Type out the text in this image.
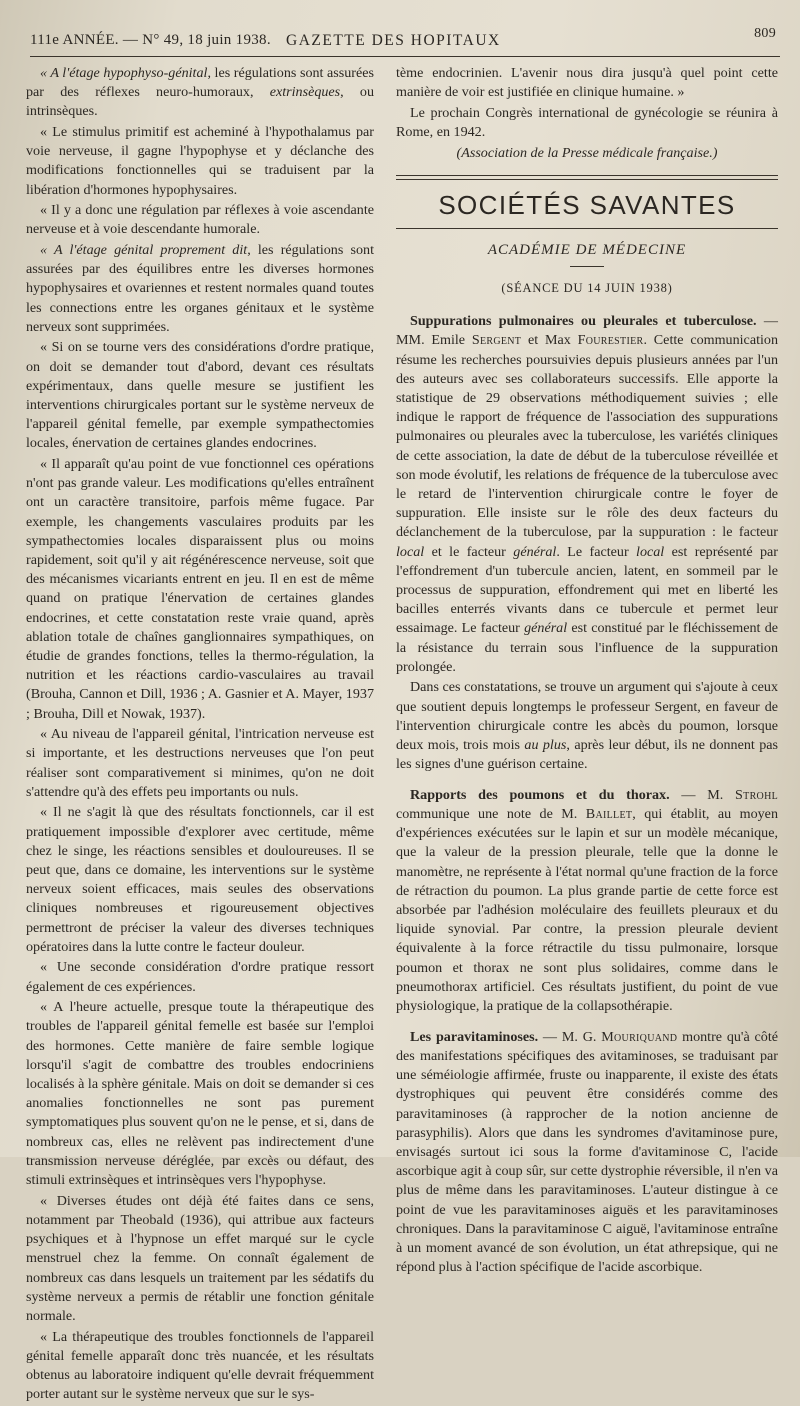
111e ANNÉE. — N° 49, 18 juin 1938. GAZETTE DES HOPITAUX	809

« A l'étage hypophyso-génital, les régulations sont assurées par des réflexes neuro-humoraux, extrinsèques, ou intrinsèques.

« Le stimulus primitif est acheminé à l'hypothalamus par voie nerveuse, il gagne l'hypophyse et y déclanche des modifications fonctionnelles qui se traduisent par la libération d'hormones hypophysaires.

« Il y a donc une régulation par réflexes à voie ascendante nerveuse et à voie descendante humorale.

« A l'étage génital proprement dit, les régulations sont assurées par des équilibres entre les diverses hormones hypophysaires et ovariennes et restent normales quand toutes les connections entre les organes génitaux et le système nerveux sont supprimées.

« Si on se tourne vers des considérations d'ordre pratique, on doit se demander tout d'abord, devant ces résultats expérimentaux, dans quelle mesure se justifient les interventions chirurgicales portant sur le système nerveux de l'appareil génital femelle, par exemple sympathectomies locales, énervation de certaines glandes endocrines.

« Il apparaît qu'au point de vue fonctionnel ces opérations n'ont pas grande valeur. Les modifications qu'elles entraînent ont un caractère transitoire, parfois même fugace. Par exemple, les changements vasculaires produits par les sympathectomies locales disparaissent plus ou moins rapidement, soit qu'il y ait régénérescence nerveuse, soit que des mécanismes vicariants entrent en jeu. Il en est de même quand on pratique l'énervation de certaines glandes endocrines, et cette constatation reste vraie quand, après ablation totale de chaînes ganglionnaires sympathiques, on étudie de grandes fonctions, telles la thermo-régulation, la nutrition et les réactions cardio-vasculaires au travail (Brouha, Cannon et Dill, 1936 ; A. Gasnier et A. Mayer, 1937 ; Brouha, Dill et Nowak, 1937).

« Au niveau de l'appareil génital, l'intrication nerveuse est si importante, et les destructions nerveuses que l'on peut réaliser sont comparativement si minimes, qu'on ne doit s'attendre qu'à des effets peu importants ou nuls.

« Il ne s'agit là que des résultats fonctionnels, car il est pratiquement impossible d'explorer avec certitude, même chez le singe, les réactions sensibles et douloureuses. Il se peut que, dans ce domaine, les interventions sur le système nerveux soient efficaces, mais seules des observations cliniques nombreuses et rigoureusement objectives permettront de préciser la valeur des diverses techniques opératoires dans la lutte contre le facteur douleur.

« Une seconde considération d'ordre pratique ressort également de ces expériences.

« A l'heure actuelle, presque toute la thérapeutique des troubles de l'appareil génital femelle est basée sur l'emploi des hormones. Cette manière de faire semble logique lorsqu'il s'agit de combattre des troubles endocriniens localisés à la sphère génitale. Mais on doit se demander si ces anomalies fonctionnelles ne sont pas purement symptomatiques plus souvent qu'on ne le pense, et si, dans de nombreux cas, elles ne relèvent pas indirectement d'une transmission nerveuse déréglée, par excès ou défaut, des stimuli extrinsèques et intrinsèques vers l'hypophyse.

« Diverses études ont déjà été faites dans ce sens, notamment par Theobald (1936), qui attribue aux facteurs psychiques et à l'hypnose un effet marqué sur le cycle menstruel chez la femme. On connaît également de nombreux cas dans lesquels un traitement par les sédatifs du système nerveux a permis de rétablir une fonction génitale normale.

« La thérapeutique des troubles fonctionnels de l'appareil génital femelle apparaît donc très nuancée, et les résultats obtenus au laboratoire indiquent qu'elle devrait fréquemment porter autant sur le système nerveux que sur le sys-

tème endocrinien. L'avenir nous dira jusqu'à quel point cette manière de voir est justifiée en clinique humaine. »

Le prochain Congrès international de gynécologie se réunira à Rome, en 1942.

(Association de la Presse médicale française.)

SOCIÉTÉS SAVANTES
ACADÉMIE DE MÉDECINE
(SÉANCE DU 14 JUIN 1938)

Suppurations pulmonaires ou pleurales et tuberculose. — MM. Emile Sergent et Max Fourestier. Cette communication résume les recherches poursuivies depuis plusieurs années par l'un des auteurs avec ses collaborateurs successifs. Elle apporte la statistique de 29 observations méthodiquement suivies ; elle indique le rapport de fréquence de l'association des suppurations pulmonaires ou pleurales avec la tuberculose, les variétés cliniques de cette association, la date de début de la tuberculose réveillée et son mode évolutif, les relations de fréquence de la tuberculose avec le retard de l'intervention chirurgicale contre le foyer de suppuration. Elle insiste sur le rôle des deux facteurs du déclanchement de la tuberculose, par la suppuration : le facteur local et le facteur général. Le facteur local est représenté par l'effondrement d'un tubercule ancien, latent, en sommeil par le processus de suppuration, effondrement qui met en liberté les bacilles enterrés vivants dans ce tubercule et permet leur essaimage. Le facteur général est constitué par le fléchissement de la résistance du terrain sous l'influence de la suppuration prolongée.

Dans ces constatations, se trouve un argument qui s'ajoute à ceux que soutient depuis longtemps le professeur Sergent, en faveur de l'intervention chirurgicale contre les abcès du poumon, lorsque deux mois, trois mois au plus, après leur début, ils ne donnent pas les signes d'une guérison certaine.

Rapports des poumons et du thorax. — M. Strohl communique une note de M. Baillet, qui établit, au moyen d'expériences exécutées sur le lapin et sur un modèle mécanique, que la valeur de la pression pleurale, telle que la donne le manomètre, ne représente à l'état normal qu'une fraction de la force de rétraction du poumon. La plus grande partie de cette force est absorbée par l'adhésion moléculaire des feuillets pleuraux et du liquide synovial. Par contre, la pression pleurale devient équivalente à la force rétractile du tissu pulmonaire, lorsque poumon et thorax ne sont plus solidaires, comme dans le pneumothorax artificiel. Ces résultats justifient, du point de vue physiologique, la pratique de la collapsothérapie.

Les paravitaminoses. — M. G. Mouriquand montre qu'à côté des manifestations spécifiques des avitaminoses, se traduisant par une séméiologie affirmée, fruste ou inapparente, il existe des états dystrophiques qui peuvent être considérés comme des paravitaminoses (à rapprocher de la notion ancienne de parasyphilis). Alors que dans les syndromes d'avitaminose pure, envisagés surtout ici sous la forme d'avitaminose C, l'acide ascorbique agit à coup sûr, sur cette dystrophie réversible, il n'en va plus de même dans les paravitaminoses. L'auteur distingue à ce point de vue les paravitaminoses aiguës et les paravitaminoses chroniques. Dans la paravitaminose C aiguë, l'avitaminose entraîne à un moment avancé de son évolution, un état athrepsique, qui ne répond plus à l'action spécifique de l'acide ascorbique.
